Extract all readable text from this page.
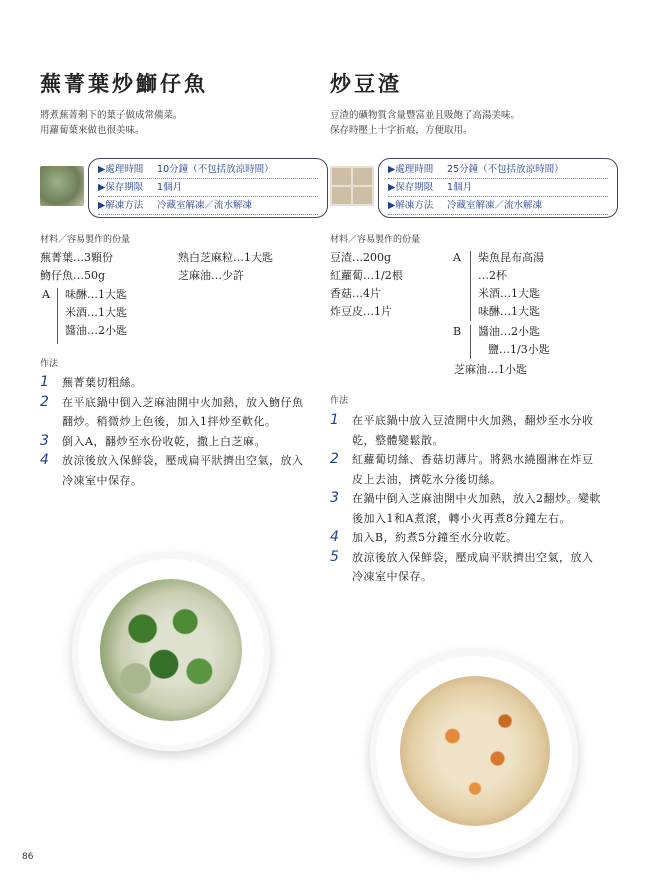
蕪菁葉炒鰤仔魚
將煮蕪菁剩下的葉子做成常備菜。
用蘿蔔葉來做也很美味。
▶處理時間 10分鐘（不包括放涼時間）
▶保存期限 1個月
▶解凍方法 冷藏室解凍／流水解凍
材料／容易製作的份量
蕪菁葉…3顆份
魩仔魚…50g
熟白芝麻粒…1大匙
芝麻油…少許
A 味醂…1大匙
米酒…1大匙
醬油…2小匙
作法
1 蕪菁葉切粗絲。
2 在平底鍋中倒入芝麻油開中火加熱，放入魩仔魚翻炒。稍微炒上色後，加入1拌炒至軟化。
3 倒入A，翻炒至水份收乾，撒上白芝麻。
4 放涼後放入保鮮袋，壓成扁平狀擠出空氣，放入冷凍室中保存。
炒豆渣
豆渣的礦物質含量豐富並且吸飽了高湯美味。
保存時壓上十字折痕，方便取用。
▶處理時間 25分鐘（不包括放涼時間）
▶保存期限 1個月
▶解凍方法 冷藏室解凍／流水解凍
材料／容易製作的份量
豆渣…200g
紅蘿蔔…1/2根
香菇…4片
炸豆皮…1片
A 柴魚昆布高湯
…2杯
米酒…1大匙
味醂…1大匙
B 醬油…2小匙
鹽…1/3小匙
芝麻油…1小匙
作法
1 在平底鍋中放入豆渣開中火加熱，翻炒至水分收乾，整體變鬆散。
2 紅蘿蔔切絲、香菇切薄片。將熱水繞圈淋在炸豆皮上去油，擠乾水分後切絲。
3 在鍋中倒入芝麻油開中火加熱，放入2翻炒。變軟後加入1和A煮滾，轉小火再煮8分鐘左右。
4 加入B，約煮5分鐘至水分收乾。
5 放涼後放入保鮮袋，壓成扁平狀擠出空氣，放入冷凍室中保存。
86
